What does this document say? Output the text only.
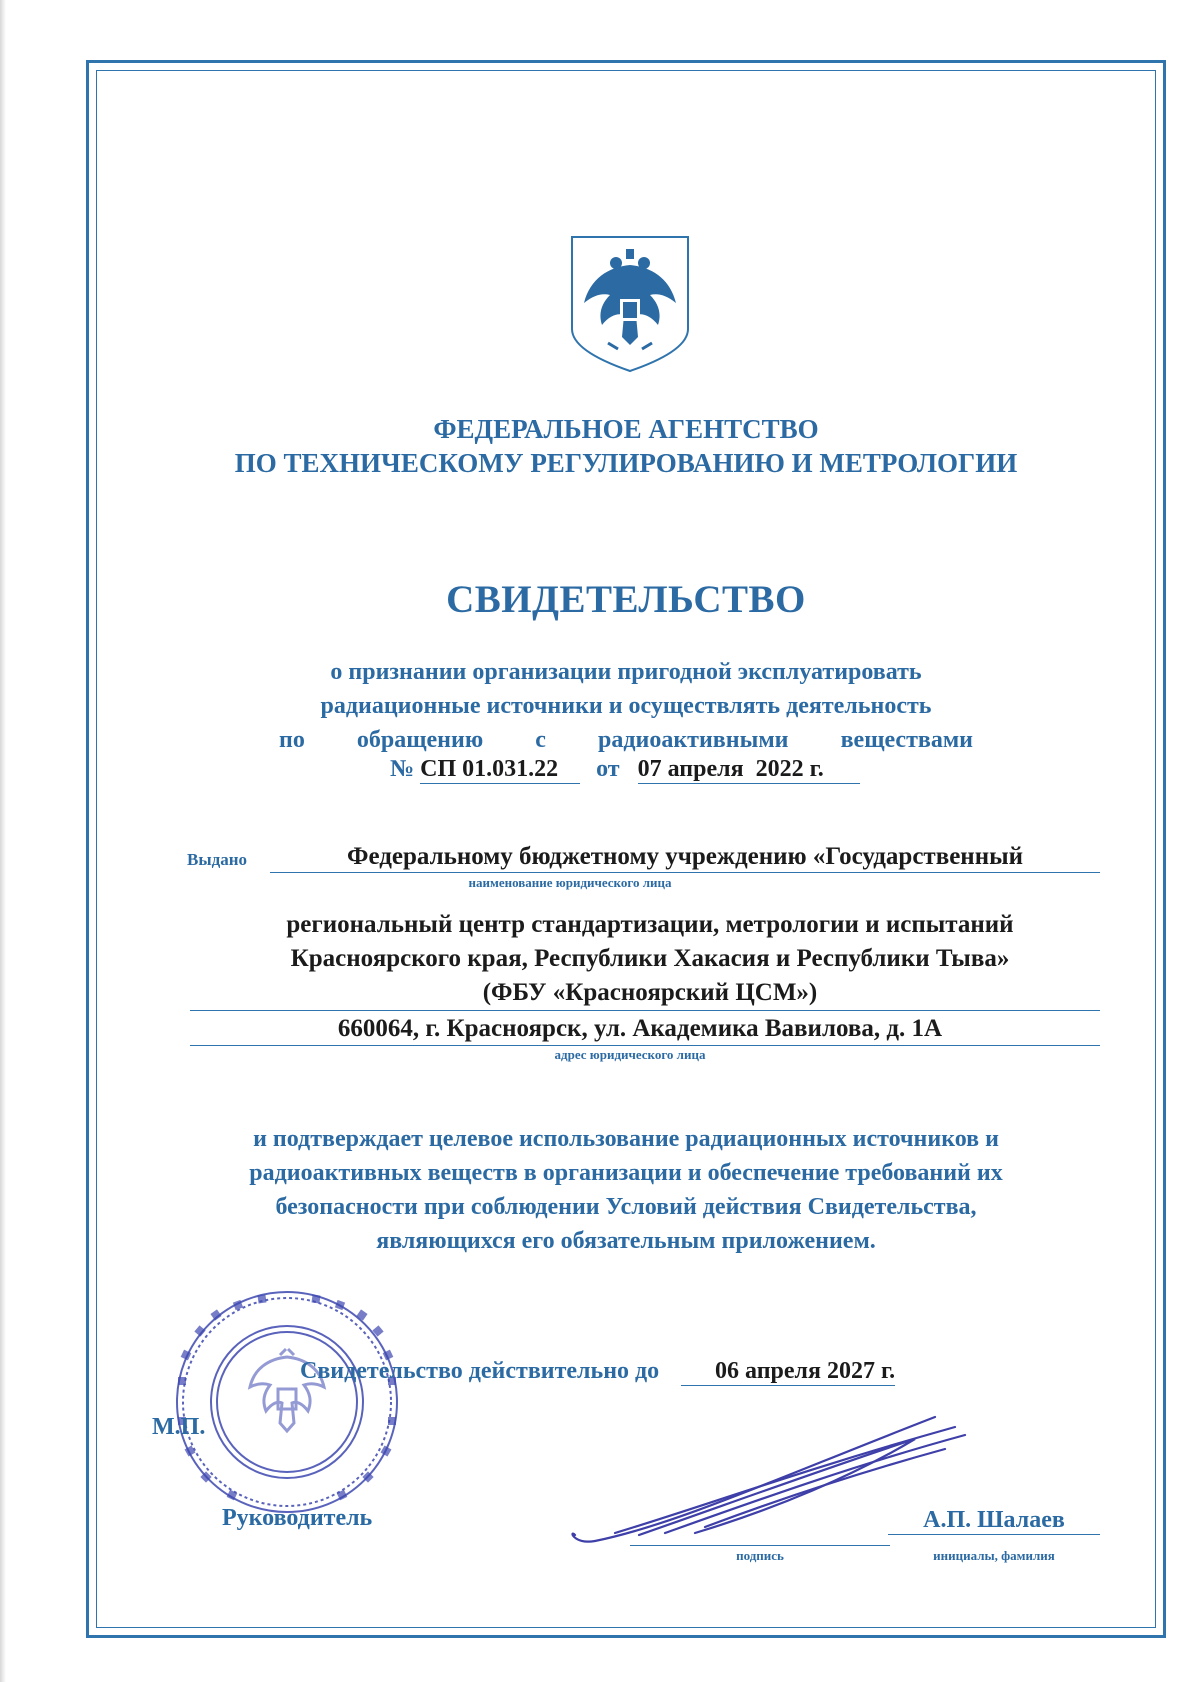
ФЕДЕРАЛЬНОЕ АГЕНТСТВО
ПО ТЕХНИЧЕСКОМУ РЕГУЛИРОВАНИЮ И МЕТРОЛОГИИ
СВИДЕТЕЛЬСТВО
о признании организации пригодной эксплуатировать
радиационные источники и осуществлять деятельность
по обращению с радиоактивными веществами
№ СП 01.031.22 от 07 апреля  2022 г.
Выдано	Федеральному бюджетному учреждению «Государственный
наименование юридического лица
региональный центр стандартизации, метрологии и испытаний
Красноярского края, Республики Хакасия и Республики Тыва»
(ФБУ «Красноярский ЦСМ»)
660064, г. Красноярск, ул. Академика Вавилова, д. 1А
адрес юридического лица
и подтверждает целевое использование радиационных источников и
радиоактивных веществ в организации и обеспечение требований их
безопасности при соблюдении Условий действия Свидетельства,
являющихся его обязательным приложением.
Свидетельство действительно до 06 апреля 2027 г.
М.П.
Руководитель
подпись
А.П. Шалаев
инициалы, фамилия
